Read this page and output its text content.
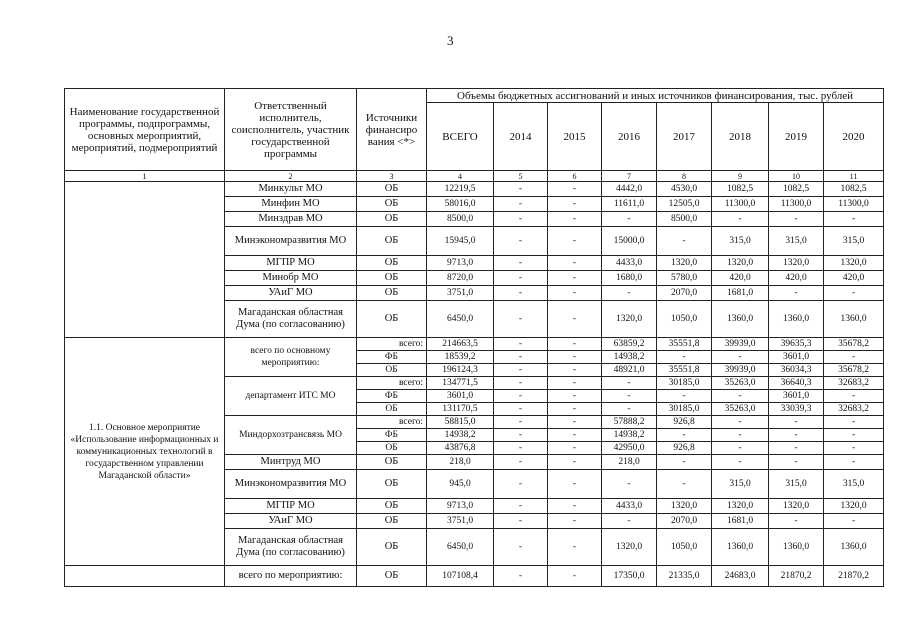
3
Наименование государственной программы, подпрограммы, основных мероприятий, мероприятий, подмероприятий	Ответственный исполнитель, соисполнитель, участник государственной программы	Источники финансиро вания <*>	Объемы бюджетных ассигнований и иных источников финансирования, тыс. рублей							
			ВСЕГО	2014	2015	2016	2017	2018	2019	2020
1	2	3	4	5	6	7	8	9	10	11
	Минкульт МО	ОБ	12219,5	-	-	4442,0	4530,0	1082,5	1082,5	1082,5
	Минфин МО	ОБ	58016,0	-	-	11611,0	12505,0	11300,0	11300,0	11300,0
	Минздрав МО	ОБ	8500,0	-	-	-	8500,0	-	-	-
	Минэкономразвития МО	ОБ	15945,0	-	-	15000,0	-	315,0	315,0	315,0
	МГПР МО	ОБ	9713,0	-	-	4433,0	1320,0	1320,0	1320,0	1320,0
	Минобр МО	ОБ	8720,0	-	-	1680,0	5780,0	420,0	420,0	420,0
	УАиГ МО	ОБ	3751,0	-	-	-	2070,0	1681,0	-	-
	Магаданская областная Дума (по согласованию)	ОБ	6450,0	-	-	1320,0	1050,0	1360,0	1360,0	1360,0
1.1. Основное мероприятие «Использование информационных и коммуникационных технологий в государственном управлении Магаданской области»	всего по основному мероприятию:	всего:	214663,5	-	-	63859,2	35551,8	39939,0	39635,3	35678,2
		ФБ	18539,2	-	-	14938,2	-	-	3601,0	-
		ОБ	196124,3	-	-	48921,0	35551,8	39939,0	36034,3	35678,2
	департамент ИТС МО	всего:	134771,5	-	-	-	30185,0	35263,0	36640,3	32683,2
		ФБ	3601,0	-	-	-	-	-	3601,0	-
		ОБ	131170,5	-	-	-	30185,0	35263,0	33039,3	32683,2
	Миндорхозтрансвязь МО	всего:	58815,0	-	-	57888,2	926,8	-	-	-
		ФБ	14938,2	-	-	14938,2	-	-	-	-
		ОБ	43876,8	-	-	42950,0	926,8	-	-	-
	Минтруд МО	ОБ	218,0	-	-	218,0	-	-	-	-
	Минэкономразвития МО	ОБ	945,0	-	-	-	-	315,0	315,0	315,0
	МГПР МО	ОБ	9713,0	-	-	4433,0	1320,0	1320,0	1320,0	1320,0
	УАиГ МО	ОБ	3751,0	-	-	-	2070,0	1681,0	-	-
	Магаданская областная Дума (по согласованию)	ОБ	6450,0	-	-	1320,0	1050,0	1360,0	1360,0	1360,0
	всего по мероприятию:	ОБ	107108,4	-	-	17350,0	21335,0	24683,0	21870,2	21870,2
